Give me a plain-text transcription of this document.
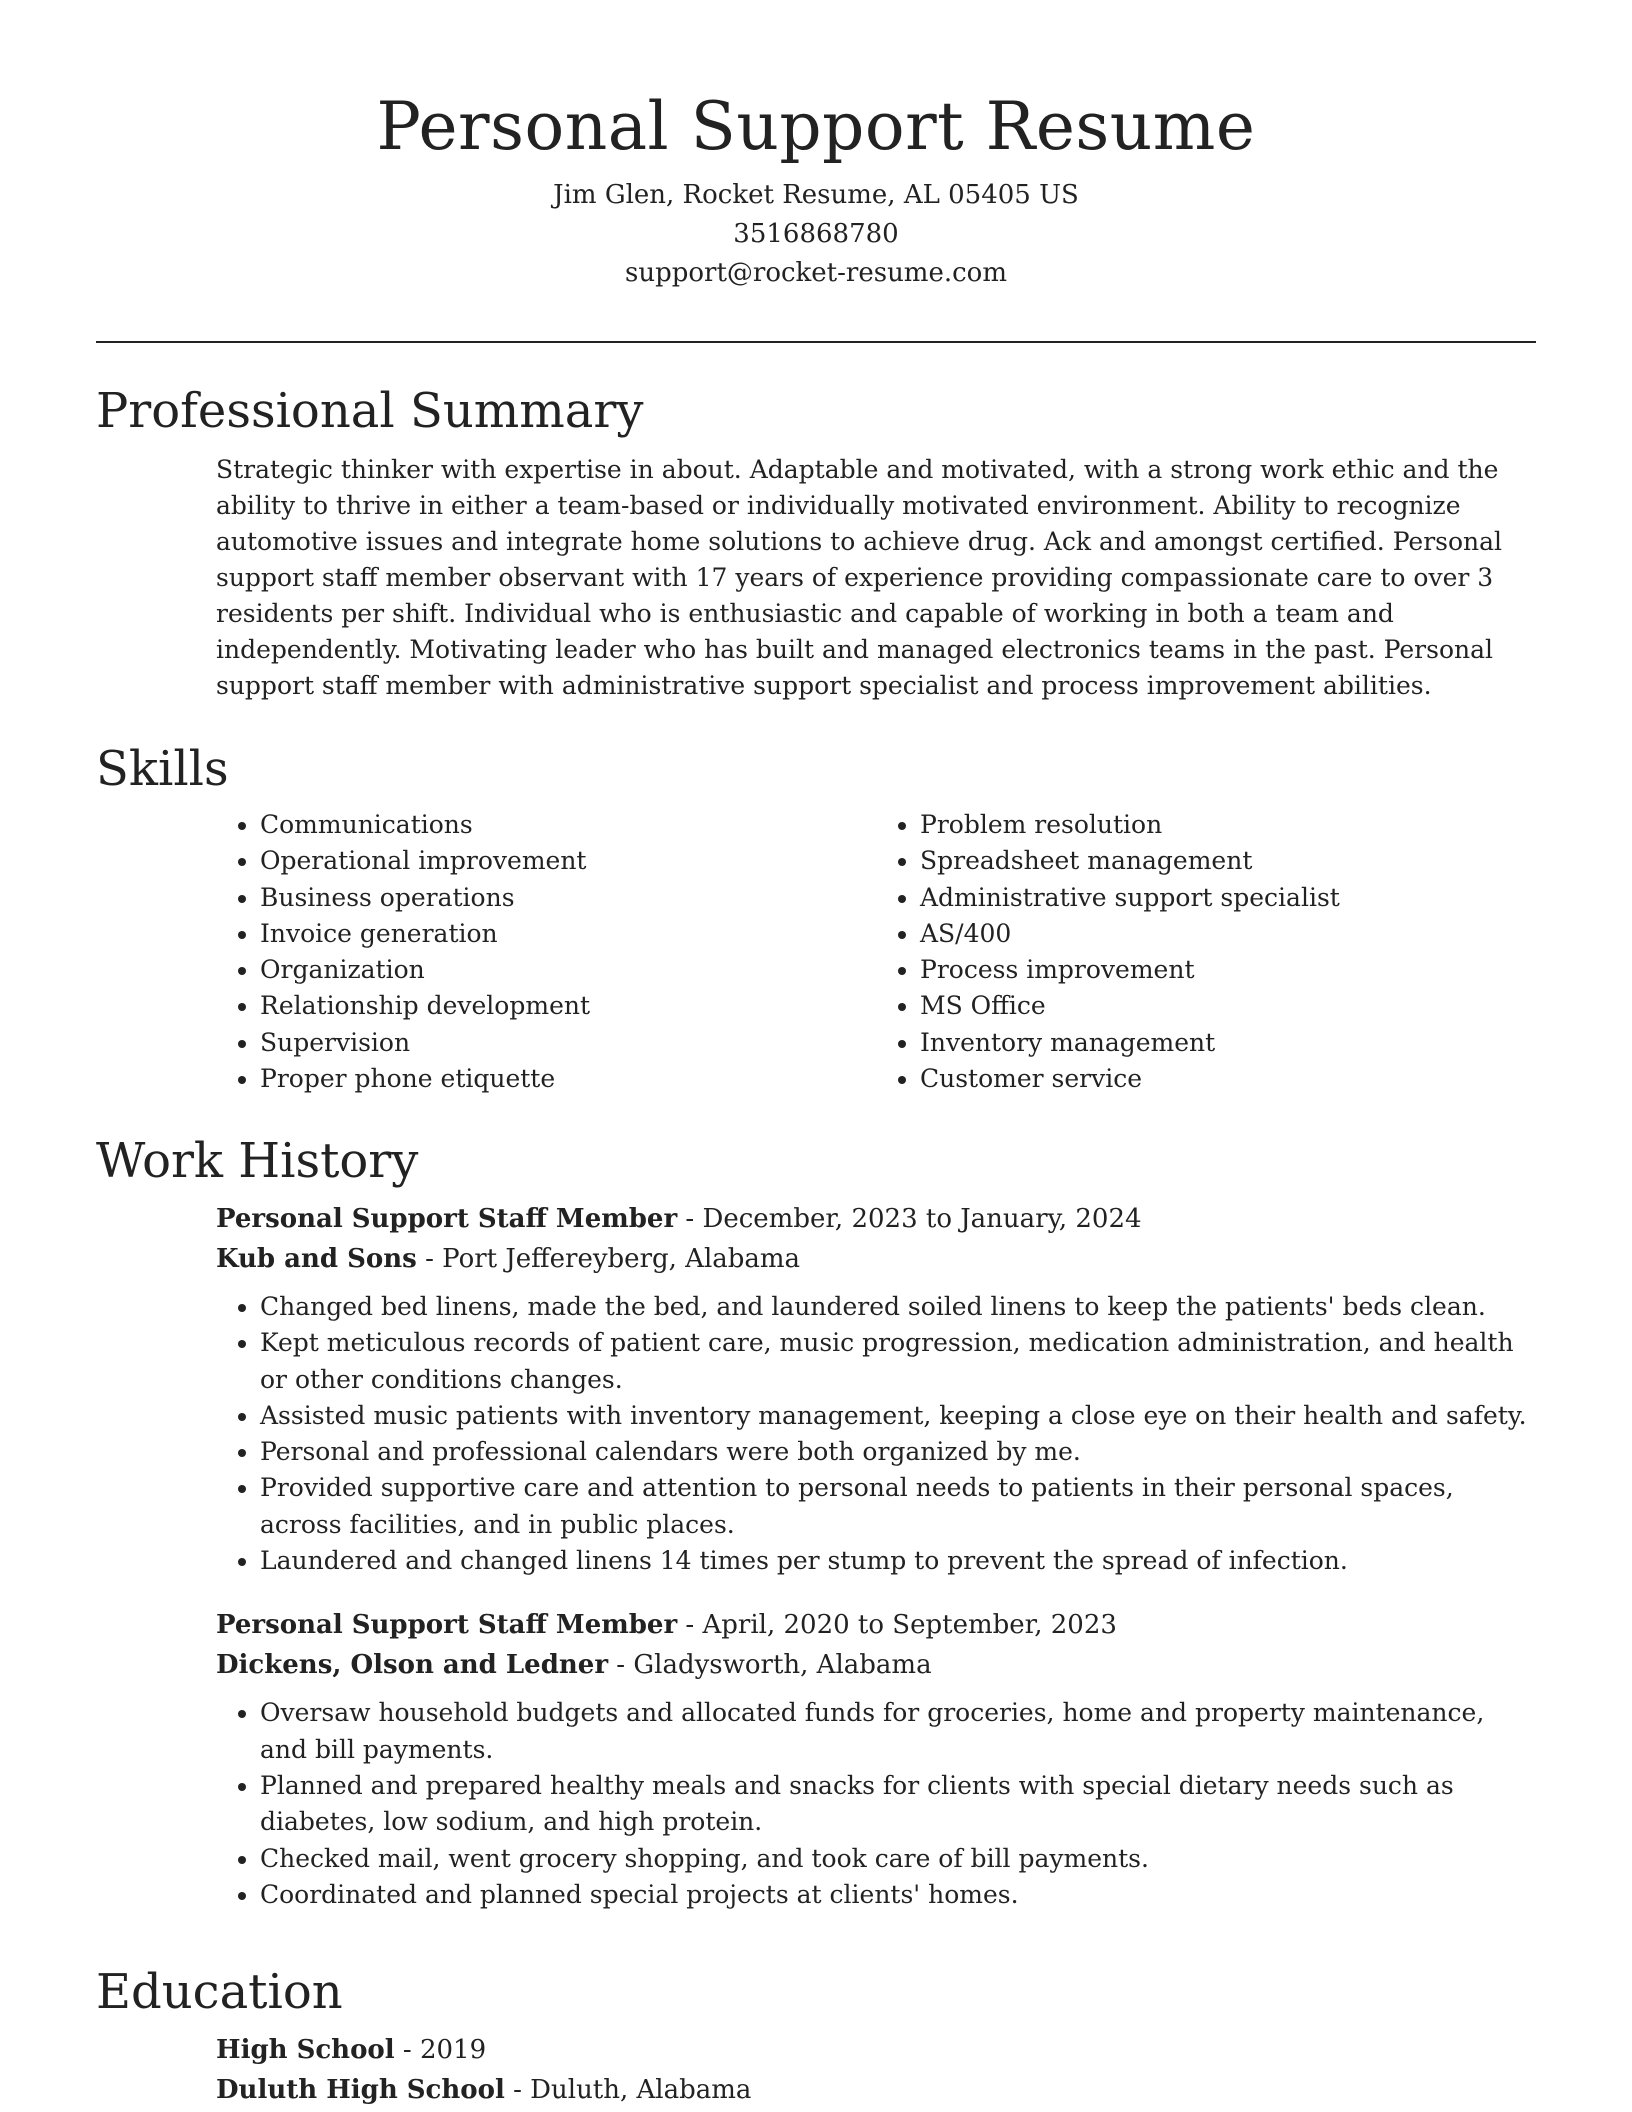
Personal Support Resume
Jim Glen, Rocket Resume, AL 05405 US
3516868780
support@rocket-resume.com
Professional Summary
Strategic thinker with expertise in about. Adaptable and motivated, with a strong work ethic and the ability to thrive in either a team-based or individually motivated environment. Ability to recognize automotive issues and integrate home solutions to achieve drug. Ack and amongst certified. Personal support staff member observant with 17 years of experience providing compassionate care to over 3 residents per shift. Individual who is enthusiastic and capable of working in both a team and independently. Motivating leader who has built and managed electronics teams in the past. Personal support staff member with administrative support specialist and process improvement abilities.
Skills
• Communications
• Operational improvement
• Business operations
• Invoice generation
• Organization
• Relationship development
• Supervision
• Proper phone etiquette
• Problem resolution
• Spreadsheet management
• Administrative support specialist
• AS/400
• Process improvement
• MS Office
• Inventory management
• Customer service
Work History
Personal Support Staff Member - December, 2023 to January, 2024
Kub and Sons - Port Jeffereyberg, Alabama
• Changed bed linens, made the bed, and laundered soiled linens to keep the patients' beds clean.
• Kept meticulous records of patient care, music progression, medication administration, and health or other conditions changes.
• Assisted music patients with inventory management, keeping a close eye on their health and safety.
• Personal and professional calendars were both organized by me.
• Provided supportive care and attention to personal needs to patients in their personal spaces, across facilities, and in public places.
• Laundered and changed linens 14 times per stump to prevent the spread of infection.
Personal Support Staff Member - April, 2020 to September, 2023
Dickens, Olson and Ledner - Gladysworth, Alabama
• Oversaw household budgets and allocated funds for groceries, home and property maintenance, and bill payments.
• Planned and prepared healthy meals and snacks for clients with special dietary needs such as diabetes, low sodium, and high protein.
• Checked mail, went grocery shopping, and took care of bill payments.
• Coordinated and planned special projects at clients' homes.
Education
High School - 2019
Duluth High School - Duluth, Alabama
